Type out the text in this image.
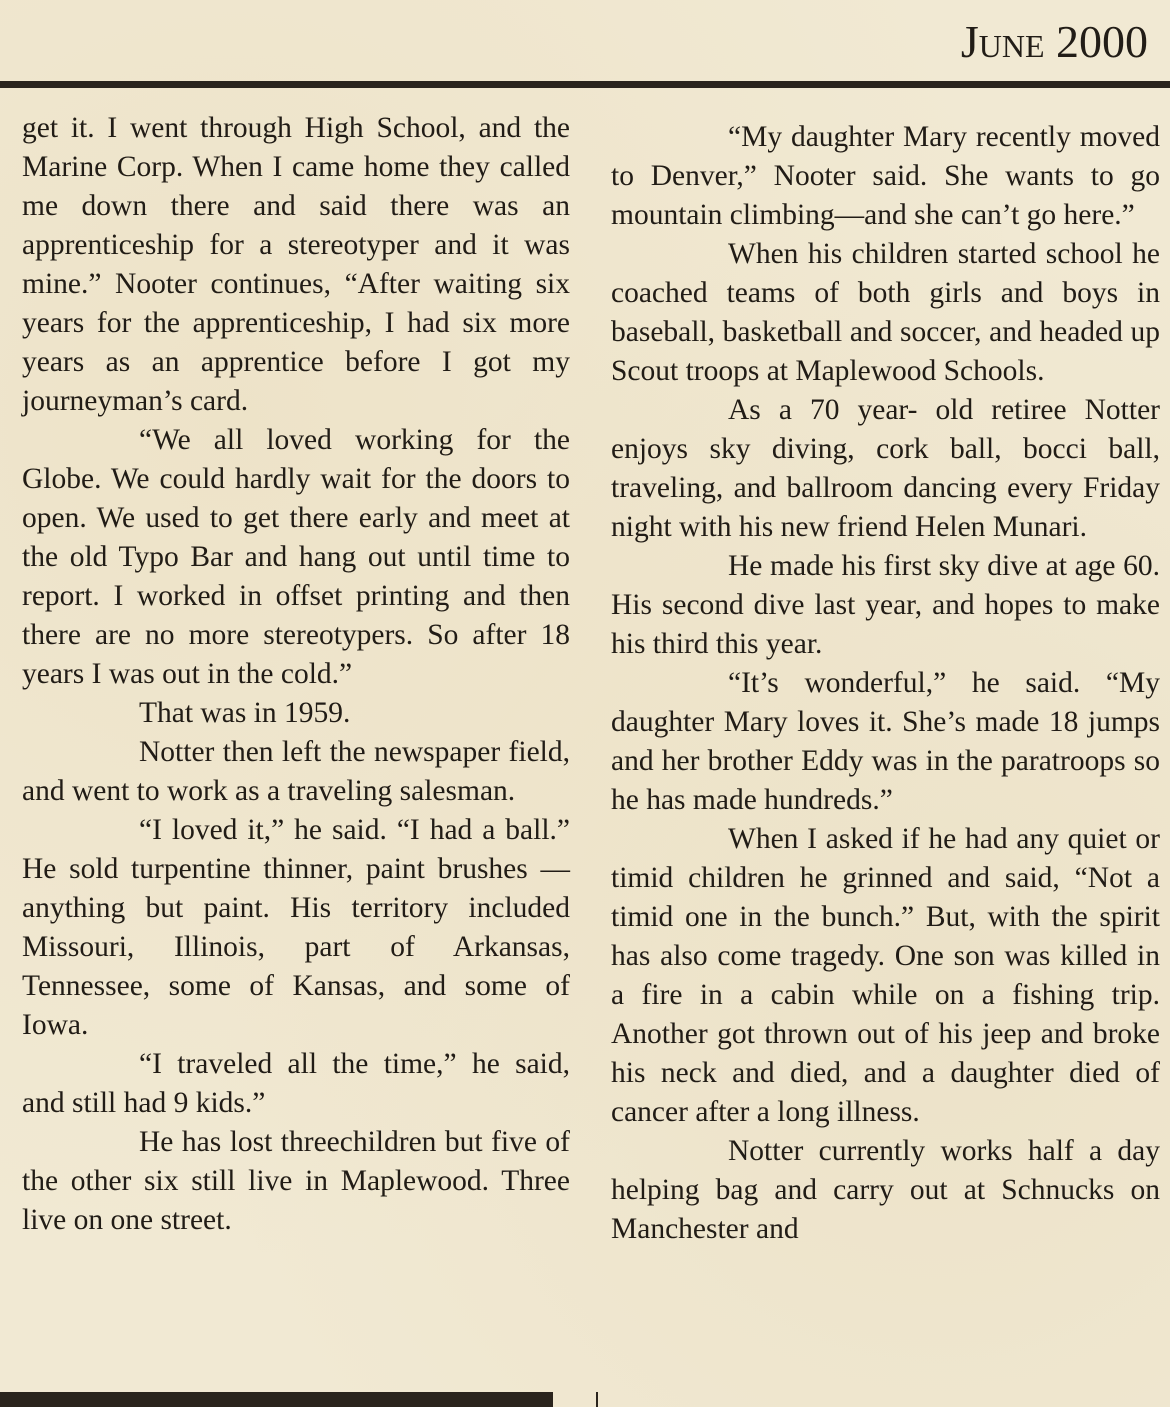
June 2000

get it. I went through High School, and the Marine Corp. When I came home they called me down there and said there was an apprenticeship for a stereotyper and it was mine.” Nooter continues, “After waiting six years for the apprenticeship, I had six more years as an apprentice before I got my journeyman’s card.

“We all loved working for the Globe. We could hardly wait for the doors to open. We used to get there early and meet at the old Typo Bar and hang out until time to report. I worked in offset printing and then there are no more stereotypers. So after 18 years I was out in the cold.”

That was in 1959.

Notter then left the newspaper field, and went to work as a traveling salesman.

“I loved it,” he said. “I had a ball.” He sold turpentine thinner, paint brushes — anything but paint. His territory included Missouri, Illinois, part of Arkansas, Tennessee, some of Kansas, and some of Iowa.

“I traveled all the time,” he said, and still had 9 kids.”

He has lost threechildren but five of the other six still live in Maplewood. Three live on one street.

“My daughter Mary recently moved to Denver,” Nooter said. She wants to go mountain climbing—and she can’t go here.”

When his children started school he coached teams of both girls and boys in baseball, basketball and soccer, and headed up Scout troops at Maplewood Schools.

As a 70 year- old retiree Notter enjoys sky diving, cork ball, bocci ball, traveling, and ballroom dancing every Friday night with his new friend Helen Munari.

He made his first sky dive at age 60. His second dive last year, and hopes to make his third this year.

“It’s wonderful,” he said. “My daughter Mary loves it. She’s made 18 jumps and her brother Eddy was in the paratroops so he has made hundreds.”

When I asked if he had any quiet or timid children he grinned and said, “Not a timid one in the bunch.” But, with the spirit has also come tragedy. One son was killed in a fire in a cabin while on a fishing trip. Another got thrown out of his jeep and broke his neck and died, and a daughter died of cancer after a long illness.

Notter currently works half a day helping bag and carry out at Schnucks on Manchester and
